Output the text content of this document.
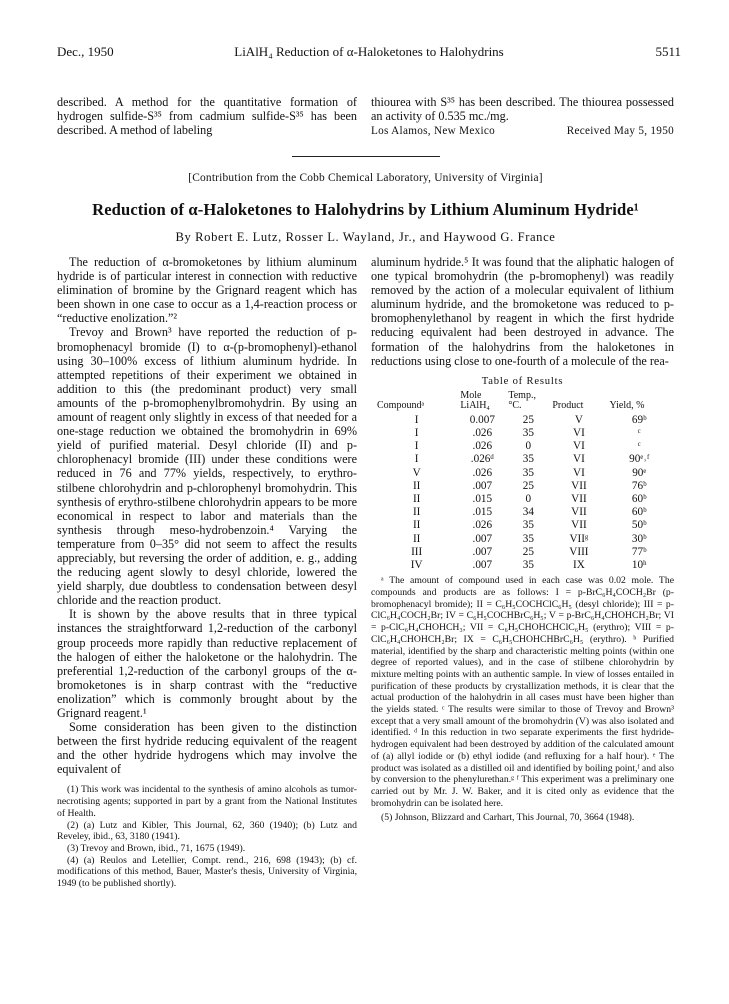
Dec., 1950	LiAlH₄ Reduction of α-Haloketones to Halohydrins	5511

described. A method for the quantitative formation of hydrogen sulfide-S³⁵ from cadmium sulfide-S³⁵ has been described. A method of labeling

thiourea with S³⁵ has been described. The thiourea possessed an activity of 0.535 mc./mg.

Los Alamos, New Mexico	Received May 5, 1950
[Contribution from the Cobb Chemical Laboratory, University of Virginia]
Reduction of α-Haloketones to Halohydrins by Lithium Aluminum Hydride¹
By Robert E. Lutz, Rosser L. Wayland, Jr., and Haywood G. France

The reduction of α-bromoketones by lithium aluminum hydride is of particular interest in connection with reductive elimination of bromine by the Grignard reagent which has been shown in one case to occur as a 1,4-reaction process or “reductive enolization.”²

Trevoy and Brown³ have reported the reduction of p-bromophenacyl bromide (I) to α-(p-bromophenyl)-ethanol using 30–100% excess of lithium aluminum hydride. In attempted repetitions of their experiment we obtained in addition to this (the predominant product) very small amounts of the p-bromophenylbromohydrin. By using an amount of reagent only slightly in excess of that needed for a one-stage reduction we obtained the bromohydrin in 69% yield of purified material. Desyl chloride (II) and p-chlorophenacyl bromide (III) under these conditions were reduced in 76 and 77% yields, respectively, to erythro-stilbene chlorohydrin and p-chlorophenyl bromohydrin. This synthesis of erythro-stilbene chlorohydrin appears to be more economical in respect to labor and materials than the synthesis through meso-hydrobenzoin.⁴ Varying the temperature from 0–35° did not seem to affect the results appreciably, but reversing the order of addition, e. g., adding the reducing agent slowly to desyl chloride, lowered the yield sharply, due doubtless to condensation between desyl chloride and the reaction product.

It is shown by the above results that in three typical instances the straightforward 1,2-reduction of the carbonyl group proceeds more rapidly than reductive replacement of the halogen of either the haloketone or the halohydrin. The preferential 1,2-reduction of the carbonyl groups of the α-bromoketones is in sharp contrast with the “reductive enolization” which is commonly brought about by the Grignard reagent.¹

Some consideration has been given to the distinction between the first hydride reducing equivalent of the reagent and the other hydride hydrogens which may involve the equivalent of

(1) This work was incidental to the synthesis of amino alcohols as tumor-necrotising agents; supported in part by a grant from the National Institutes of Health.

(2) (a) Lutz and Kibler, This Journal, 62, 360 (1940); (b) Lutz and Reveley, ibid., 63, 3180 (1941).

(3) Trevoy and Brown, ibid., 71, 1675 (1949).

(4) (a) Reulos and Letellier, Compt. rend., 216, 698 (1943); (b) cf. modifications of this method, Bauer, Master's thesis, University of Virginia, 1949 (to be published shortly).

aluminum hydride.⁵ It was found that the aliphatic halogen of one typical bromohydrin (the p-bromophenyl) was readily removed by the action of a molecular equivalent of lithium aluminum hydride, and the bromoketone was reduced to p-bromophenylethanol by reagent in which the first hydride reducing equivalent had been destroyed in advance. The formation of the halohydrins from the haloketones in reductions using close to one-fourth of a molecule of the rea-

Table of Results
Compoundᵃ	Mole LiAlH₄	Temp., °C.	Product	Yield, %
I	0.007	25	V	69ᵇ
I	.026	35	VI	ᶜ
I	.026	0	VI	ᶜ
I	.026ᵈ	35	VI	90ᵉ˒ᶠ
V	.026	35	VI	90ᵉ
II	.007	25	VII	76ᵇ
II	.015	0	VII	60ᵇ
II	.015	34	VII	60ᵇ
II	.026	35	VII	50ᵇ
II	.007	35	VIIᵍ	30ᵇ
III	.007	25	VIII	77ᵇ
IV	.007	35	IX	10ʰ

ᵃ The amount of compound used in each case was 0.02 mole. The compounds and products are as follows: I = p-BrC₆H₄COCH₂Br (p-bromophenacyl bromide); II = C₆H₅COCHClC₆H₅ (desyl chloride); III = p-ClC₆H₄COCH₂Br; IV = C₆H₅COCHBrC₆H₅; V = p-BrC₆H₄CHOHCH₂Br; VI = p-ClC₆H₄CHOHCH₃; VII = C₆H₅CHOHCHClC₆H₅ (erythro); VIII = p-ClC₆H₄CHOHCH₂Br; IX = C₆H₅CHOHCHBrC₆H₅ (erythro). ᵇ Purified material, identified by the sharp and characteristic melting points (within one degree of reported values), and in the case of stilbene chlorohydrin by mixture melting points with an authentic sample. In view of losses entailed in purification of these products by crystallization methods, it is clear that the actual production of the halohydrin in all cases must have been higher than the yields stated. ᶜ The results were similar to those of Trevoy and Brown³ except that a very small amount of the bromohydrin (V) was also isolated and identified. ᵈ In this reduction in two separate experiments the first hydride-hydrogen equivalent had been destroyed by addition of the calculated amount of (a) allyl iodide or (b) ethyl iodide (and refluxing for a half hour). ᵉ The product was isolated as a distilled oil and identified by boiling point,ᶠ and also by conversion to the phenylurethan.ᵍ ᶠ This experiment was a preliminary one carried out by Mr. J. W. Baker, and it is cited only as evidence that the bromohydrin can be isolated here.

(5) Johnson, Blizzard and Carhart, This Journal, 70, 3664 (1948).
